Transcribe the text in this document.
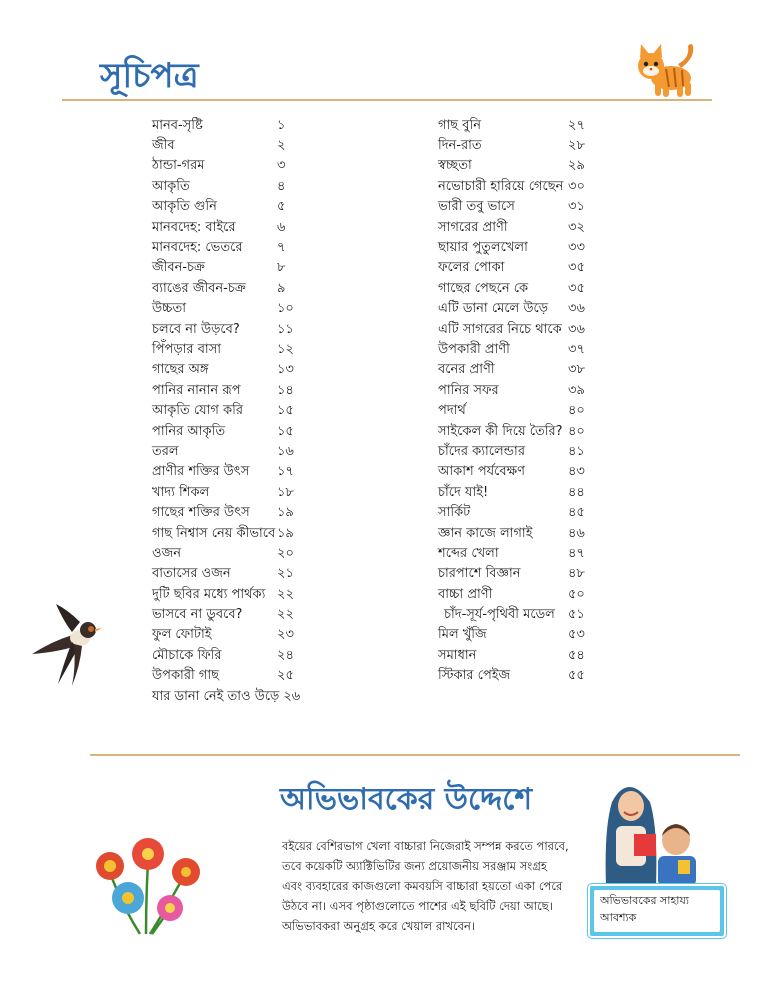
সূচিপত্র
মানব-সৃষ্টি	১
জীব	২
ঠান্ডা-গরম	৩
আকৃতি	৪
আকৃতি গুনি	৫
মানবদেহ: বাইরে	৬
মানবদেহ: ভেতরে	৭
জীবন-চক্র	৮
ব্যাঙের জীবন-চক্র	৯
উচ্চতা	১০
চলবে না উড়বে?	১১
পিঁপড়ার বাসা	১২
গাছের অঙ্গ	১৩
পানির নানান রূপ	১৪
আকৃতি যোগ করি	১৫
পানির আকৃতি	১৫
তরল	১৬
প্রাণীর শক্তির উৎস	১৭
খাদ্য শিকল	১৮
গাছের শক্তির উৎস	১৯
গাছ নিশ্বাস নেয় কীভাবে ১৯
ওজন	২০
বাতাসের ওজন	২১
দুটি ছবির মধ্যে পার্থক্য ২২
ভাসবে না ডুববে?	২২
ফুল ফোটাই	২৩
মৌচাকে ফিরি	২৪
উপকারী গাছ	২৫
যার ডানা নেই তাও উড়ে ২৬
গাছ বুনি	২৭
দিন-রাত	২৮
স্বচ্ছতা	২৯
নভোচারী হারিয়ে গেছেন ৩০
ভারী তবু ভাসে	৩১
সাগরের প্রাণী	৩২
ছায়ার পুতুলখেলা	৩৩
ফলের পোকা	৩৫
গাছের পেছনে কে	৩৫
এটি ডানা মেলে উড়ে	৩৬
এটি সাগরের নিচে থাকে ৩৬
উপকারী প্রাণী	৩৭
বনের প্রাণী	৩৮
পানির সফর	৩৯
পদার্থ	৪০
সাইকেল কী দিয়ে তৈরি? ৪০
চাঁদের ক্যালেন্ডার	৪১
আকাশ পর্যবেক্ষণ	৪৩
চাঁদে যাই!	৪৪
সার্কিট	৪৫
জ্ঞান কাজে লাগাই	৪৬
শব্দের খেলা	৪৭
চারপাশে বিজ্ঞান	৪৮
বাচ্চা প্রাণী	৫০
চাঁদ-সূর্য-পৃথিবী মডেল	৫১
মিল খুঁজি	৫৩
সমাধান	৫৪
স্টিকার পেইজ	৫৫
অভিভাবকের উদ্দেশে

বইয়ের বেশিরভাগ খেলা বাচ্চারা নিজেরাই সম্পন্ন করতে পারবে,

তবে কয়েকটি অ্যাক্টিভিটির জন্য প্রয়োজনীয় সরঞ্জাম সংগ্রহ

এবং ব্যবহারের কাজগুলো কমবয়সি বাচ্চারা হয়তো একা পেরে

উঠবে না। এসব পৃষ্ঠাগুলোতে পাশের এই ছবিটি দেয়া আছে।

অভিভাবকরা অনুগ্রহ করে খেয়াল রাখবেন।

অভিভাবকের সাহায্য
আবশ্যক
